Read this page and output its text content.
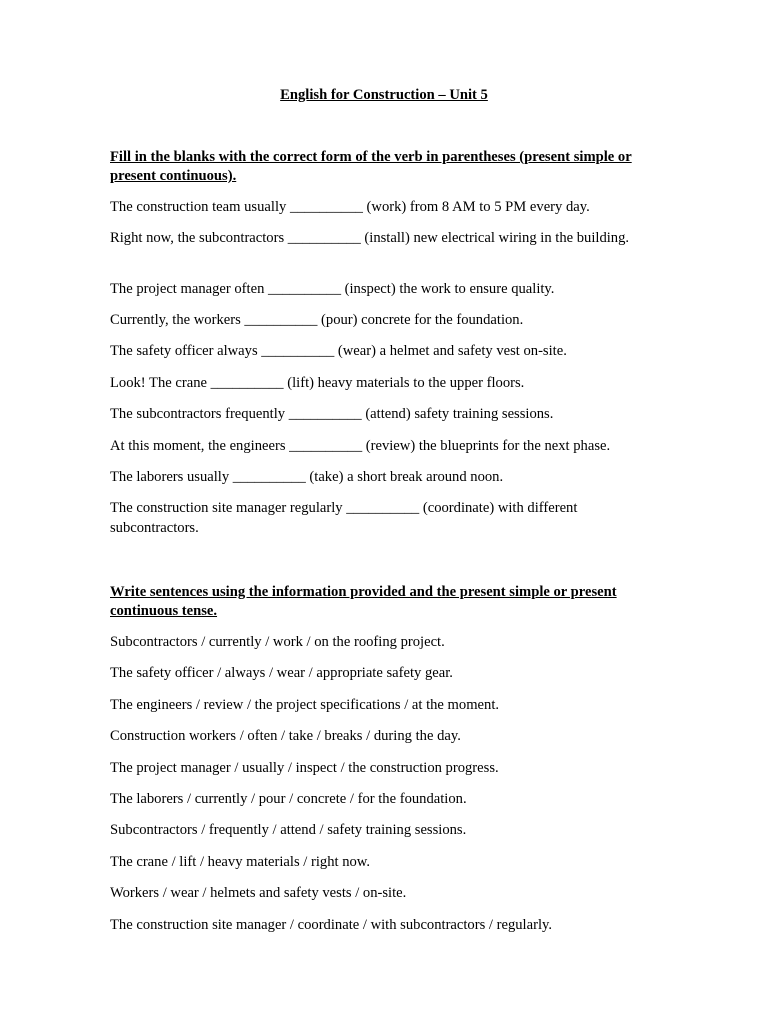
English for Construction – Unit 5

Fill in the blanks with the correct form of the verb in parentheses (present simple or present continuous).

The construction team usually __________ (work) from 8 AM to 5 PM every day.

Right now, the subcontractors __________ (install) new electrical wiring in the building.

The project manager often __________ (inspect) the work to ensure quality.

Currently, the workers __________ (pour) concrete for the foundation.

The safety officer always __________ (wear) a helmet and safety vest on-site.

Look! The crane __________ (lift) heavy materials to the upper floors.

The subcontractors frequently __________ (attend) safety training sessions.

At this moment, the engineers __________ (review) the blueprints for the next phase.

The laborers usually __________ (take) a short break around noon.

The construction site manager regularly __________ (coordinate) with different subcontractors.

Write sentences using the information provided and the present simple or present continuous tense.

Subcontractors / currently / work / on the roofing project.

The safety officer / always / wear / appropriate safety gear.

The engineers / review / the project specifications / at the moment.

Construction workers / often / take / breaks / during the day.

The project manager / usually / inspect / the construction progress.

The laborers / currently / pour / concrete / for the foundation.

Subcontractors / frequently / attend / safety training sessions.

The crane / lift / heavy materials / right now.

Workers / wear / helmets and safety vests / on-site.

The construction site manager / coordinate / with subcontractors / regularly.
